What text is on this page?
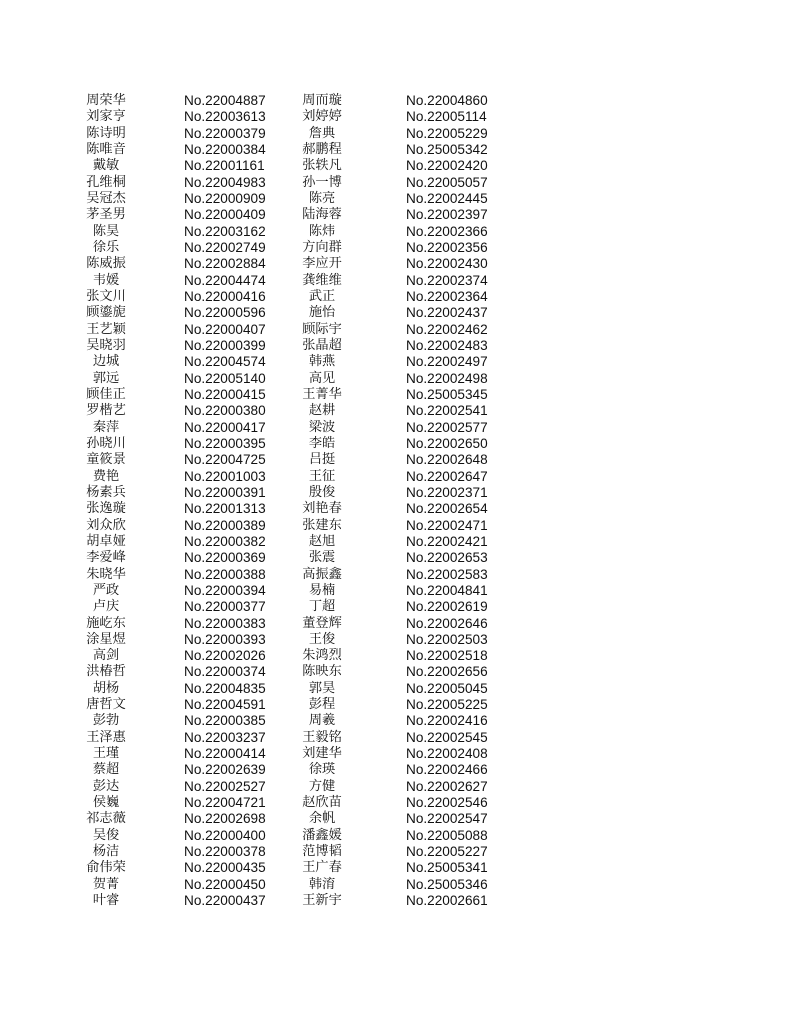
周荣华	No.22004887	周而璇	No.22004860
刘家亨	No.22003613	刘婷婷	No.22005114
陈诗明	No.22000379	詹典	No.22005229
陈唯音	No.22000384	郝鹏程	No.25005342
戴敏	No.22001161	张轶凡	No.22002420
孔维桐	No.22004983	孙一博	No.22005057
吴冠杰	No.22000909	陈亮	No.22002445
茅圣男	No.22000409	陆海蓉	No.22002397
陈昊	No.22003162	陈炜	No.22002366
徐乐	No.22002749	方向群	No.22002356
陈威振	No.22002884	李应开	No.22002430
韦媛	No.22004474	龚维维	No.22002374
张文川	No.22000416	武正	No.22002364
顾鎏旎	No.22000596	施怡	No.22002437
王艺颖	No.22000407	顾际宇	No.22002462
吴晓羽	No.22000399	张晶超	No.22002483
边城	No.22004574	韩燕	No.22002497
郭远	No.22005140	高见	No.22002498
顾佳正	No.22000415	王菁华	No.25005345
罗楷艺	No.22000380	赵耕	No.22002541
秦萍	No.22000417	梁波	No.22002577
孙晓川	No.22000395	李皓	No.22002650
童筱景	No.22004725	吕挺	No.22002648
费艳	No.22001003	王征	No.22002647
杨素兵	No.22000391	殷俊	No.22002371
张逸璇	No.22001313	刘艳春	No.22002654
刘众欣	No.22000389	张建东	No.22002471
胡卓娅	No.22000382	赵旭	No.22002421
李爱峰	No.22000369	张震	No.22002653
朱晓华	No.22000388	高振鑫	No.22002583
严政	No.22000394	易楠	No.22004841
卢庆	No.22000377	丁超	No.22002619
施屹东	No.22000383	董登辉	No.22002646
涂星煜	No.22000393	王俊	No.22002503
高剑	No.22002026	朱鸿烈	No.22002518
洪椿哲	No.22000374	陈映东	No.22002656
胡杨	No.22004835	郭昊	No.22005045
唐哲文	No.22004591	彭程	No.22005225
彭勃	No.22000385	周羲	No.22002416
王泽惠	No.22003237	王毅铭	No.22002545
王瑾	No.22000414	刘建华	No.22002408
蔡超	No.22002639	徐瑛	No.22002466
彭达	No.22002527	方健	No.22002627
侯巍	No.22004721	赵欣苗	No.22002546
祁志薇	No.22002698	余帆	No.22002547
吴俊	No.22000400	潘鑫媛	No.22005088
杨洁	No.22000378	范博韬	No.22005227
俞伟荣	No.22000435	王广春	No.25005341
贺菁	No.22000450	韩淯	No.25005346
叶睿	No.22000437	王新宇	No.22002661
